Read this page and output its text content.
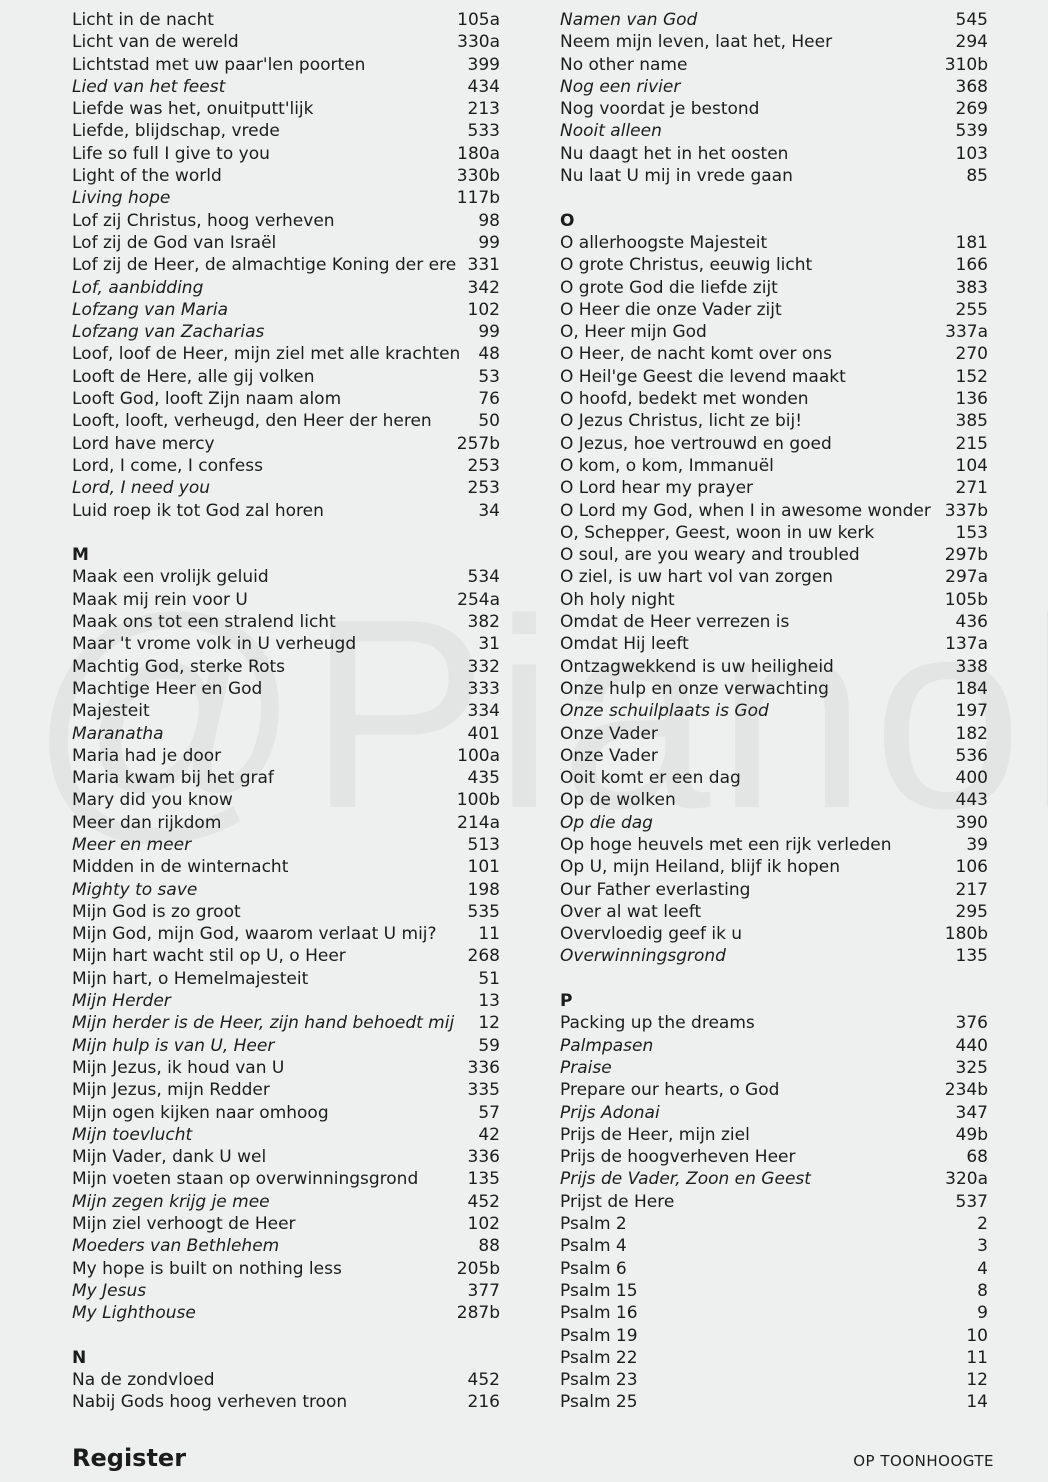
Licht in de nacht	105a
Licht van de wereld	330a
Lichtstad met uw paar'len poorten	399
Lied van het feest	434
Liefde was het, onuitputt'lijk	213
Liefde, blijdschap, vrede	533
Life so full I give to you	180a
Light of the world	330b
Living hope	117b
Lof zij Christus, hoog verheven	98
Lof zij de God van Israël	99
Lof zij de Heer, de almachtige Koning der ere 331
Lof, aanbidding	342
Lofzang van Maria	102
Lofzang van Zacharias	99
Loof, loof de Heer, mijn ziel met alle krachten 48
Looft de Here, alle gij volken	53
Looft God, looft Zijn naam alom	76
Looft, looft, verheugd, den Heer der heren	50
Lord have mercy	257b
Lord, I come, I confess	253
Lord, I need you	253
Luid roep ik tot God zal horen	34
M
Maak een vrolijk geluid	534
Maak mij rein voor U	254a
Maak ons tot een stralend licht	382
Maar 't vrome volk in U verheugd	31
Machtig God, sterke Rots	332
Machtige Heer en God	333
Majesteit	334
Maranatha	401
Maria had je door	100a
Maria kwam bij het graf	435
Mary did you know	100b
Meer dan rijkdom	214a
Meer en meer	513
Midden in de winternacht	101
Mighty to save	198
Mijn God is zo groot	535
Mijn God, mijn God, waarom verlaat U mij? 11
Mijn hart wacht stil op U, o Heer	268
Mijn hart, o Hemelmajesteit	51
Mijn Herder	13
Mijn herder is de Heer, zijn hand behoedt mij 12
Mijn hulp is van U, Heer	59
Mijn Jezus, ik houd van U	336
Mijn Jezus, mijn Redder	335
Mijn ogen kijken naar omhoog	57
Mijn toevlucht	42
Mijn Vader, dank U wel	336
Mijn voeten staan op overwinningsgrond	135
Mijn zegen krijg je mee	452
Mijn ziel verhoogt de Heer	102
Moeders van Bethlehem	88
My hope is built on nothing less	205b
My Jesus	377
My Lighthouse	287b
N
Na de zondvloed	452
Nabij Gods hoog verheven troon	216
Namen van God	545
Neem mijn leven, laat het, Heer	294
No other name	310b
Nog een rivier	368
Nog voordat je bestond	269
Nooit alleen	539
Nu daagt het in het oosten	103
Nu laat U mij in vrede gaan	85
O
O allerhoogste Majesteit	181
O grote Christus, eeuwig licht	166
O grote God die liefde zijt	383
O Heer die onze Vader zijt	255
O, Heer mijn God	337a
O Heer, de nacht komt over ons	270
O Heil'ge Geest die levend maakt	152
O hoofd, bedekt met wonden	136
O Jezus Christus, licht ze bij!	385
O Jezus, hoe vertrouwd en goed	215
O kom, o kom, Immanuël	104
O Lord hear my prayer	271
O Lord my God, when I in awesome wonder 337b
O, Schepper, Geest, woon in uw kerk	153
O soul, are you weary and troubled	297b
O ziel, is uw hart vol van zorgen	297a
Oh holy night	105b
Omdat de Heer verrezen is	436
Omdat Hij leeft	137a
Ontzagwekkend is uw heiligheid	338
Onze hulp en onze verwachting	184
Onze schuilplaats is God	197
Onze Vader	182
Onze Vader	536
Ooit komt er een dag	400
Op de wolken	443
Op die dag	390
Op hoge heuvels met een rijk verleden	39
Op U, mijn Heiland, blijf ik hopen	106
Our Father everlasting	217
Over al wat leeft	295
Overvloedig geef ik u	180b
Overwinningsgrond	135
P
Packing up the dreams	376
Palmpasen	440
Praise	325
Prepare our hearts, o God	234b
Prijs Adonai	347
Prijs de Heer, mijn ziel	49b
Prijs de hoogverheven Heer	68
Prijs de Vader, Zoon en Geest	320a
Prijst de Here	537
Psalm 2	2
Psalm 4	3
Psalm 6	4
Psalm 15	8
Psalm 16	9
Psalm 19	10
Psalm 22	11
Psalm 23	12
Psalm 25	14
Register	OP TOONHOOGTE
